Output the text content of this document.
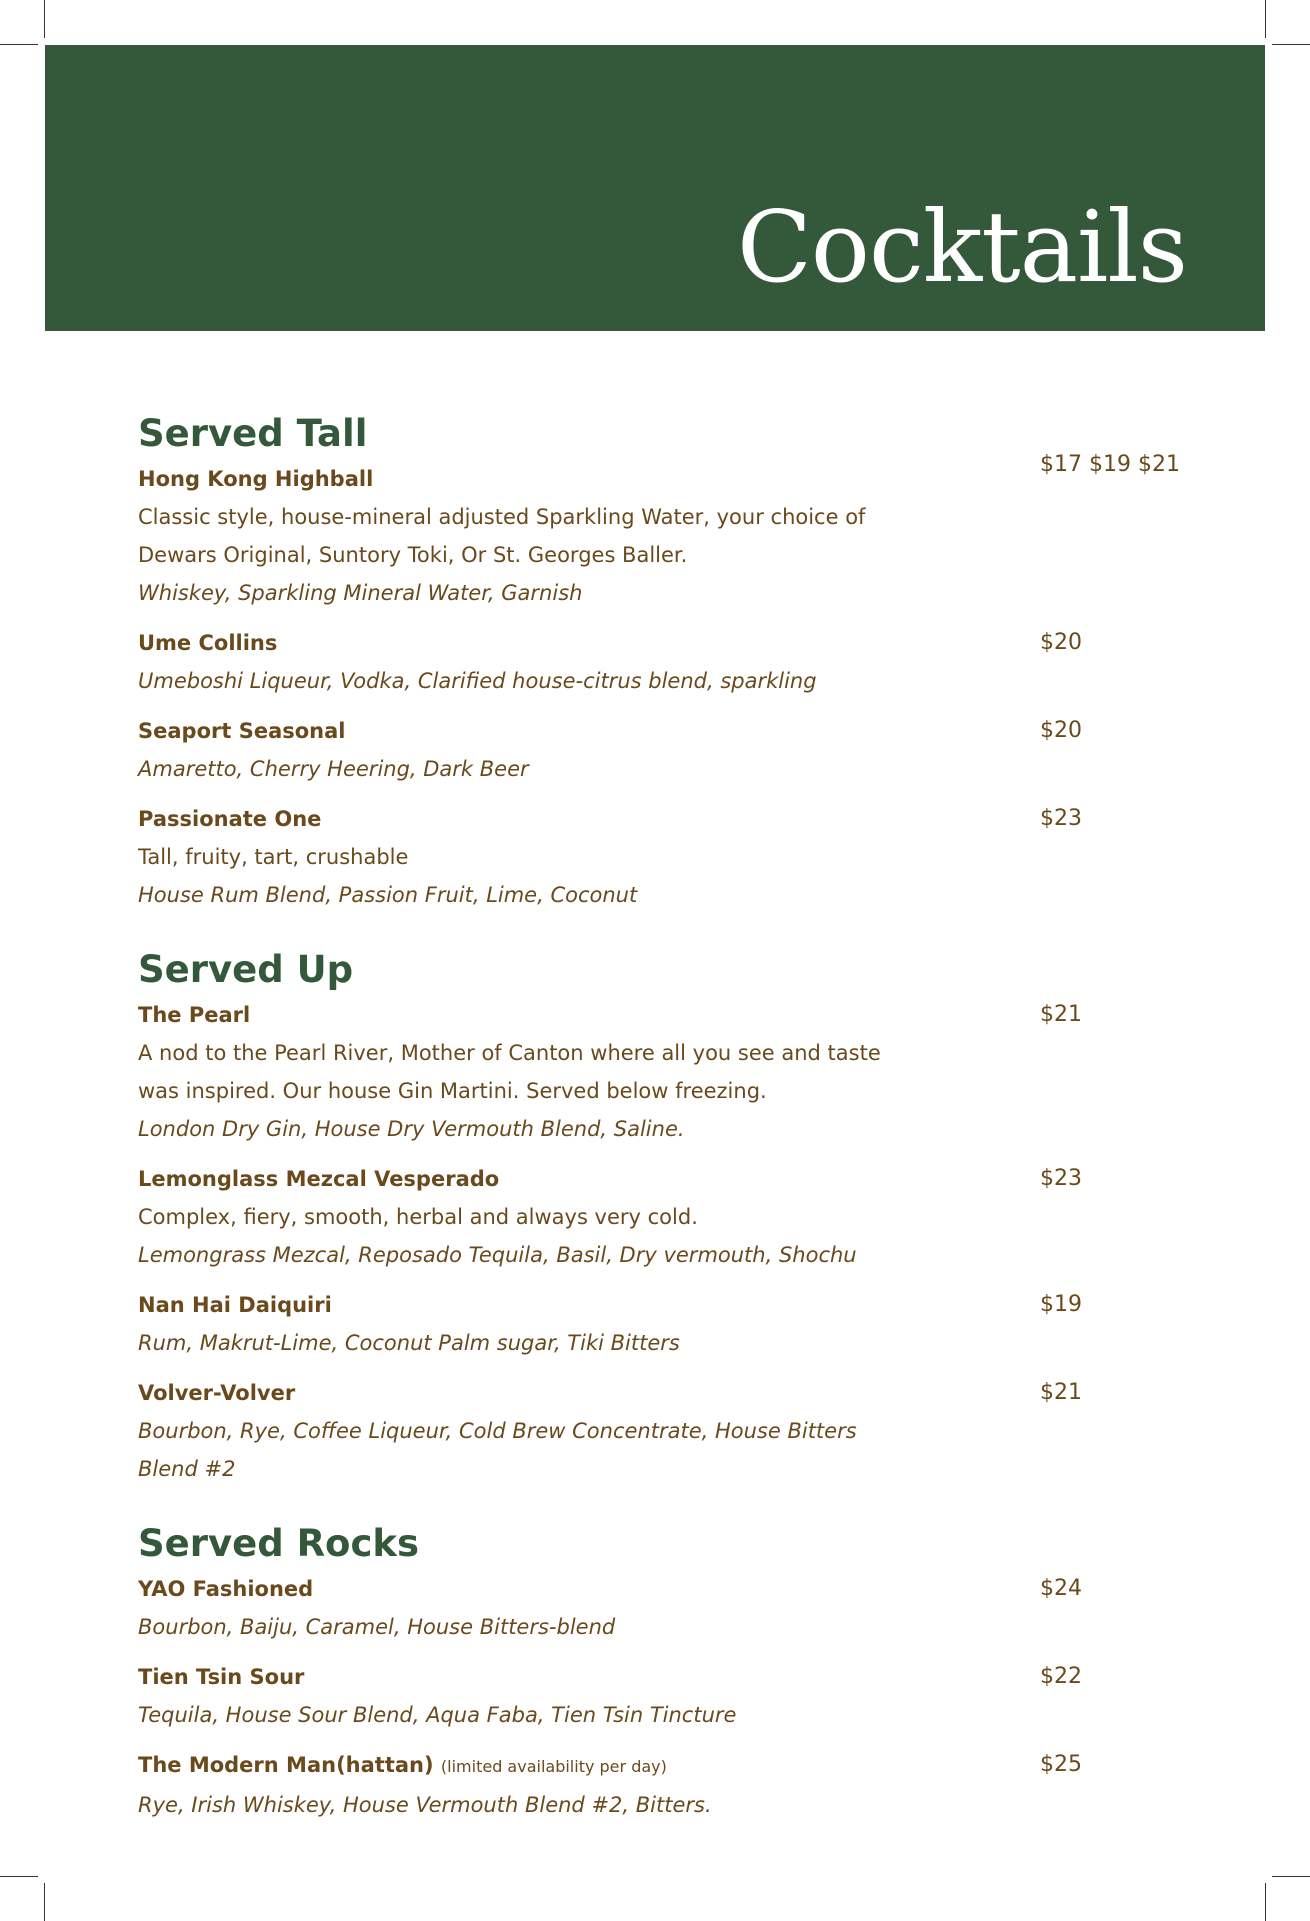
Cocktails
Served Tall
Hong Kong Highball
Classic style, house-mineral adjusted Sparkling Water, your choice of Dewars Original, Suntory Toki, Or St. Georges Baller.
Whiskey, Sparkling Mineral Water, Garnish
$17 $19 $21
Ume Collins
Umeboshi Liqueur, Vodka, Clarified house-citrus blend, sparkling
$20
Seaport Seasonal
Amaretto, Cherry Heering, Dark Beer
$20
Passionate One
Tall, fruity, tart, crushable
House Rum Blend, Passion Fruit, Lime, Coconut
$23
Served Up
The Pearl
A nod to the Pearl River, Mother of Canton where all you see and taste was inspired. Our house Gin Martini. Served below freezing.
London Dry Gin, House Dry Vermouth Blend, Saline.
$21
Lemonglass Mezcal Vesperado
Complex, fiery, smooth, herbal and always very cold.
Lemongrass Mezcal, Reposado Tequila, Basil, Dry vermouth, Shochu
$23
Nan Hai Daiquiri
Rum, Makrut-Lime, Coconut Palm sugar, Tiki Bitters
$19
Volver-Volver
Bourbon, Rye, Coffee Liqueur, Cold Brew Concentrate, House Bitters Blend #2
$21
Served Rocks
YAO Fashioned
Bourbon, Baiju, Caramel, House Bitters-blend
$24
Tien Tsin Sour
Tequila, House Sour Blend, Aqua Faba, Tien Tsin Tincture
$22
The Modern Man(hattan) (limited availability per day)
Rye, Irish Whiskey, House Vermouth Blend #2, Bitters.
$25
